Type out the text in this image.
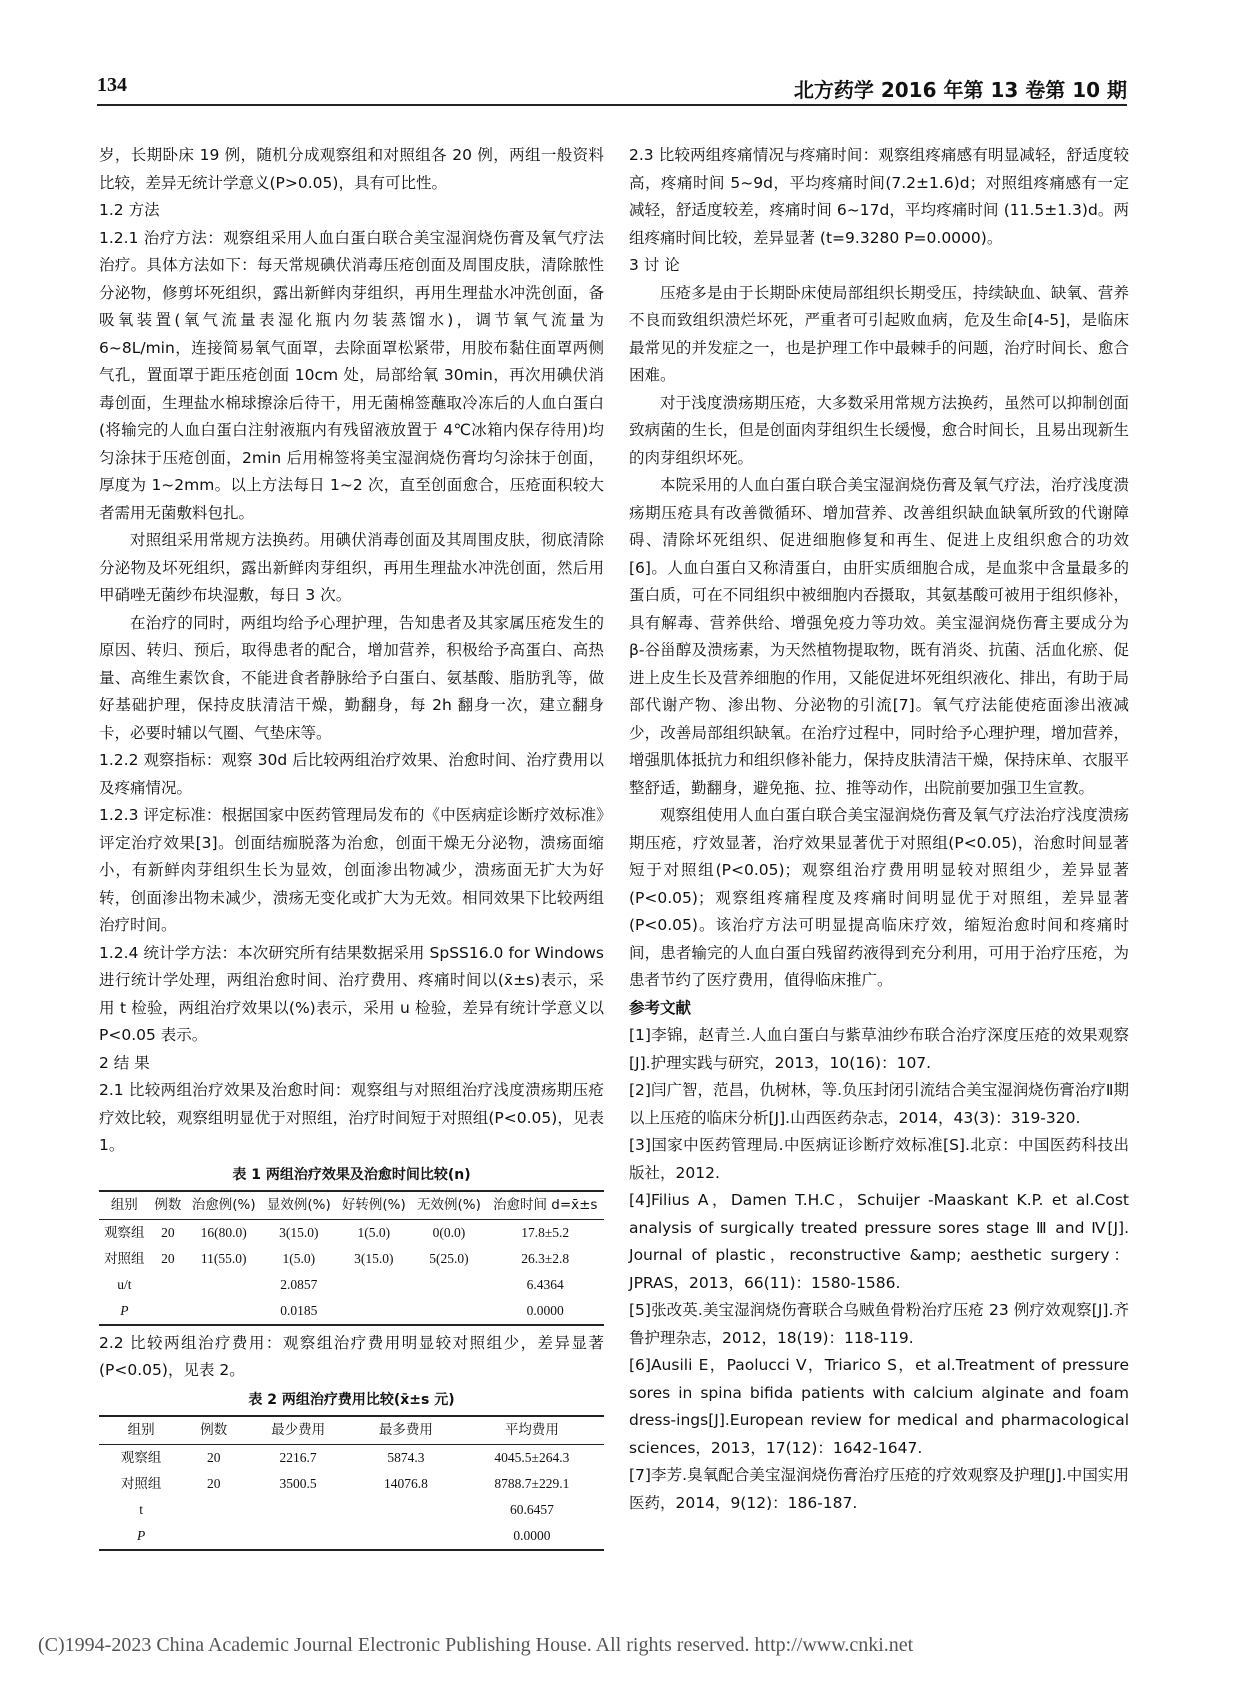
134	北方药学 2016 年第 13 卷第 10 期

岁，长期卧床 19 例，随机分成观察组和对照组各 20 例，两组一般资料比较，差异无统计学意义(P>0.05)，具有可比性。

1.2 方法

1.2.1 治疗方法：观察组采用人血白蛋白联合美宝湿润烧伤膏及氧气疗法治疗。具体方法如下：每天常规碘伏消毒压疮创面及周围皮肤，清除脓性分泌物，修剪坏死组织，露出新鲜肉芽组织，再用生理盐水冲洗创面，备吸氧装置(氧气流量表湿化瓶内勿装蒸馏水)，调节氧气流量为 6~8L/min，连接简易氧气面罩，去除面罩松紧带，用胶布黏住面罩两侧气孔，置面罩于距压疮创面 10cm 处，局部给氧 30min，再次用碘伏消毒创面，生理盐水棉球擦涂后待干，用无菌棉签蘸取冷冻后的人血白蛋白(将输完的人血白蛋白注射液瓶内有残留液放置于 4℃冰箱内保存待用)均匀涂抹于压疮创面，2min 后用棉签将美宝湿润烧伤膏均匀涂抹于创面，厚度为 1~2mm。以上方法每日 1~2 次，直至创面愈合，压疮面积较大者需用无菌敷料包扎。

对照组采用常规方法换药。用碘伏消毒创面及其周围皮肤，彻底清除分泌物及坏死组织，露出新鲜肉芽组织，再用生理盐水冲洗创面，然后用甲硝唑无菌纱布块湿敷，每日 3 次。

在治疗的同时，两组均给予心理护理，告知患者及其家属压疮发生的原因、转归、预后，取得患者的配合，增加营养，积极给予高蛋白、高热量、高维生素饮食，不能进食者静脉给予白蛋白、氨基酸、脂肪乳等，做好基础护理，保持皮肤清洁干燥，勤翻身，每 2h 翻身一次，建立翻身卡，必要时辅以气圈、气垫床等。

1.2.2 观察指标：观察 30d 后比较两组治疗效果、治愈时间、治疗费用以及疼痛情况。

1.2.3 评定标准：根据国家中医药管理局发布的《中医病症诊断疗效标准》评定治疗效果[3]。创面结痂脱落为治愈，创面干燥无分泌物，溃疡面缩小，有新鲜肉芽组织生长为显效，创面渗出物减少，溃疡面无扩大为好转，创面渗出物未减少，溃疡无变化或扩大为无效。相同效果下比较两组治疗时间。

1.2.4 统计学方法：本次研究所有结果数据采用 SpSS16.0 for Windows 进行统计学处理，两组治愈时间、治疗费用、疼痛时间以(x̄±s)表示，采用 t 检验，两组治疗效果以(%)表示，采用 u 检验，差异有统计学意义以 P<0.05 表示。

2 结 果

2.1 比较两组治疗效果及治愈时间：观察组与对照组治疗浅度溃疡期压疮疗效比较，观察组明显优于对照组，治疗时间短于对照组(P<0.05)，见表 1。

表 1 两组治疗效果及治愈时间比较(n)
组别	例数	治愈例(%)	显效例(%)	好转例(%)	无效例(%)	治愈时间 d=x̄±s
观察组	20	16(80.0)	3(15.0)	1(5.0)	0(0.0)	17.8±5.2
对照组	20	11(55.0)	1(5.0)	3(15.0)	5(25.0)	26.3±2.8
u/t			2.0857			6.4364
P			0.0185			0.0000

2.2 比较两组治疗费用：观察组治疗费用明显较对照组少，差异显著(P<0.05)，见表 2。

表 2 两组治疗费用比较(x̄±s 元)
组别	例数	最少费用	最多费用	平均费用
观察组	20	2216.7	5874.3	4045.5±264.3
对照组	20	3500.5	14076.8	8788.7±229.1
t				60.6457
P				0.0000

2.3 比较两组疼痛情况与疼痛时间：观察组疼痛感有明显减轻，舒适度较高，疼痛时间 5~9d，平均疼痛时间(7.2±1.6)d；对照组疼痛感有一定减轻，舒适度较差，疼痛时间 6~17d，平均疼痛时间 (11.5±1.3)d。两组疼痛时间比较，差异显著 (t=9.3280 P=0.0000)。

3 讨 论

压疮多是由于长期卧床使局部组织长期受压，持续缺血、缺氧、营养不良而致组织溃烂坏死，严重者可引起败血病，危及生命[4-5]，是临床最常见的并发症之一，也是护理工作中最棘手的问题，治疗时间长、愈合困难。

对于浅度溃疡期压疮，大多数采用常规方法换药，虽然可以抑制创面致病菌的生长，但是创面肉芽组织生长缓慢，愈合时间长，且易出现新生的肉芽组织坏死。

本院采用的人血白蛋白联合美宝湿润烧伤膏及氧气疗法，治疗浅度溃疡期压疮具有改善微循环、增加营养、改善组织缺血缺氧所致的代谢障碍、清除坏死组织、促进细胞修复和再生、促进上皮组织愈合的功效[6]。人血白蛋白又称清蛋白，由肝实质细胞合成，是血浆中含量最多的蛋白质，可在不同组织中被细胞内吞摄取，其氨基酸可被用于组织修补，具有解毒、营养供给、增强免疫力等功效。美宝湿润烧伤膏主要成分为 β-谷甾醇及溃疡素，为天然植物提取物，既有消炎、抗菌、活血化瘀、促进上皮生长及营养细胞的作用，又能促进坏死组织液化、排出，有助于局部代谢产物、渗出物、分泌物的引流[7]。氧气疗法能使疮面渗出液减少，改善局部组织缺氧。在治疗过程中，同时给予心理护理，增加营养，增强肌体抵抗力和组织修补能力，保持皮肤清洁干燥，保持床单、衣服平整舒适，勤翻身，避免拖、拉、推等动作，出院前要加强卫生宣教。

观察组使用人血白蛋白联合美宝湿润烧伤膏及氧气疗法治疗浅度溃疡期压疮，疗效显著，治疗效果显著优于对照组(P<0.05)，治愈时间显著短于对照组(P<0.05)；观察组治疗费用明显较对照组少，差异显著(P<0.05)；观察组疼痛程度及疼痛时间明显优于对照组，差异显著(P<0.05)。该治疗方法可明显提高临床疗效，缩短治愈时间和疼痛时间，患者输完的人血白蛋白残留药液得到充分利用，可用于治疗压疮，为患者节约了医疗费用，值得临床推广。

参考文献

[1]李锦，赵青兰.人血白蛋白与紫草油纱布联合治疗深度压疮的效果观察[J].护理实践与研究，2013，10(16)：107.

[2]闫广智，范昌，仇树林，等.负压封闭引流结合美宝湿润烧伤膏治疗Ⅱ期以上压疮的临床分析[J].山西医药杂志，2014，43(3)：319-320.

[3]国家中医药管理局.中医病证诊断疗效标准[S].北京：中国医药科技出版社，2012.

[4]Filius A，Damen T.H.C，Schuijer -Maaskant K.P. et al.Cost analysis of surgically treated pressure sores stage Ⅲ and Ⅳ[J]. Journal of plastic，reconstructive &amp; aesthetic surgery：JPRAS，2013，66(11)：1580-1586.

[5]张改英.美宝湿润烧伤膏联合乌贼鱼骨粉治疗压疮 23 例疗效观察[J].齐鲁护理杂志，2012，18(19)：118-119.

[6]Ausili E，Paolucci V，Triarico S，et al.Treatment of pressure sores in spina bifida patients with calcium alginate and foam dress-ings[J].European review for medical and pharmacological sciences，2013，17(12)：1642-1647.

[7]李芳.臭氧配合美宝湿润烧伤膏治疗压疮的疗效观察及护理[J].中国实用医药，2014，9(12)：186-187.

(C)1994-2023 China Academic Journal Electronic Publishing House. All rights reserved. http://www.cnki.net
